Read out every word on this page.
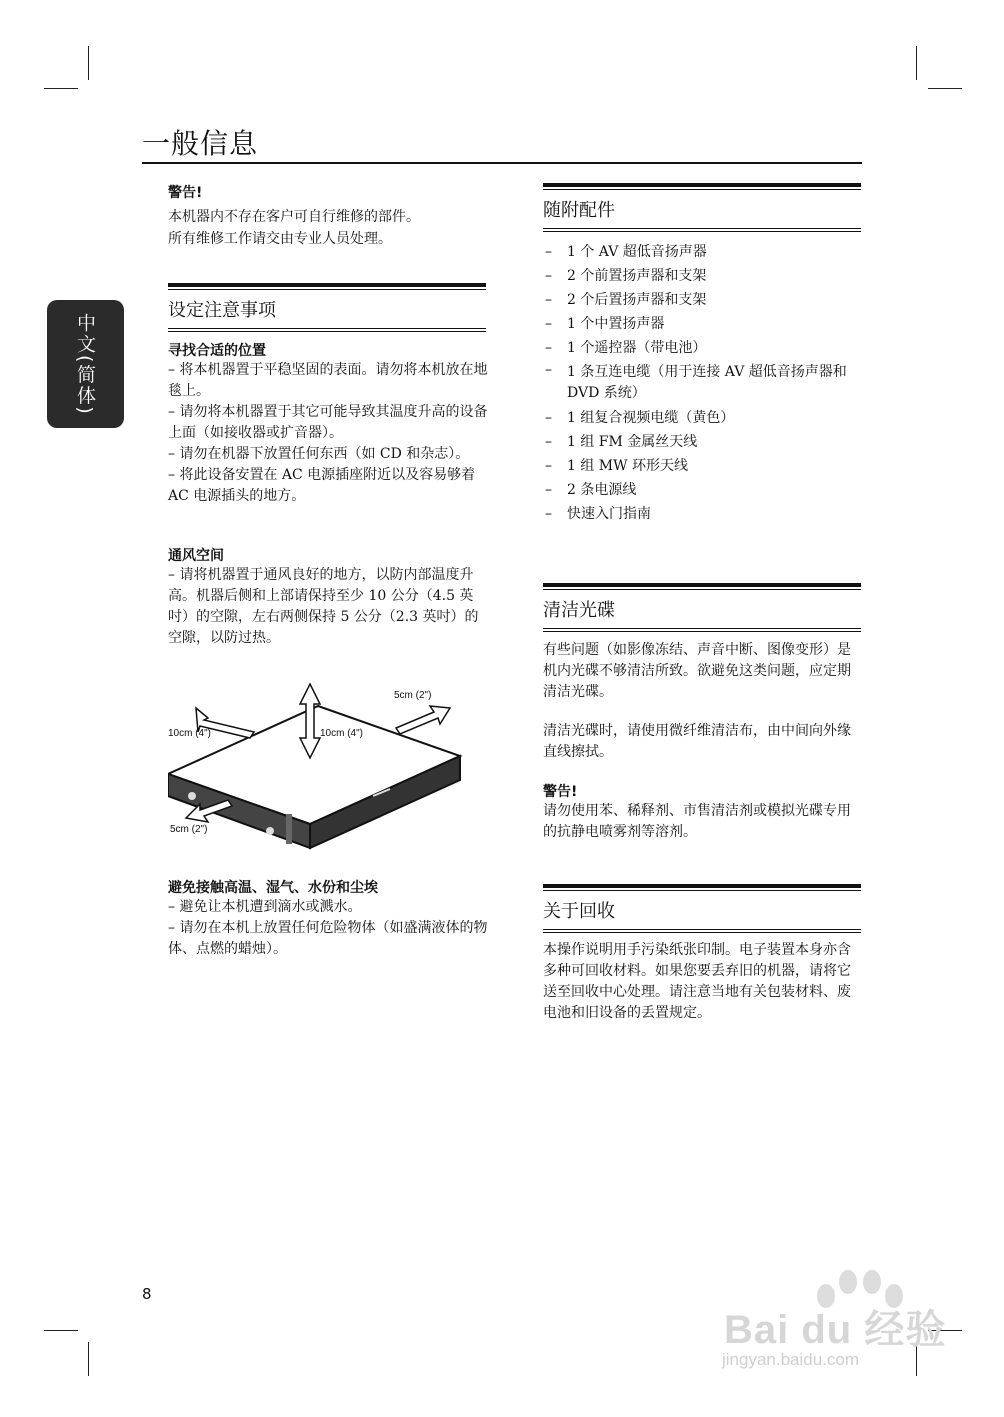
一般信息
中文(简体)
警告!
本机器内不存在客户可自行维修的部件。
所有维修工作请交由专业人员处理。
设定注意事项
寻找合适的位置
– 将本机器置于平稳坚固的表面。请勿将本机放在地毯上。
– 请勿将本机器置于其它可能导致其温度升高的设备上面（如接收器或扩音器）。
– 请勿在机器下放置任何东西（如 CD 和杂志）。
– 将此设备安置在 AC 电源插座附近以及容易够着 AC 电源插头的地方。
通风空间
– 请将机器置于通风良好的地方，以防内部温度升高。机器后侧和上部请保持至少 10 公分（4.5 英吋）的空隙，左右两侧保持 5 公分（2.3 英吋）的空隙，以防过热。
5cm (2")
10cm (4")	10cm (4")
5cm (2")
避免接触高温、湿气、水份和尘埃
– 避免让本机遭到滴水或溅水。
– 请勿在本机上放置任何危险物体（如盛满液体的物体、点燃的蜡烛）。
随附配件
– 1 个 AV 超低音扬声器
– 2 个前置扬声器和支架
– 2 个后置扬声器和支架
– 1 个中置扬声器
– 1 个遥控器（带电池）
– 1 条互连电缆（用于连接 AV 超低音扬声器和DVD 系统）
– 1 组复合视频电缆（黄色）
– 1 组 FM 金属丝天线
– 1 组 MW 环形天线
– 2 条电源线
– 快速入门指南
清洁光碟
有些问题（如影像冻结、声音中断、图像变形）是机内光碟不够清洁所致。欲避免这类问题，应定期清洁光碟。
清洁光碟时，请使用微纤维清洁布，由中间向外缘直线擦拭。
警告!
请勿使用苯、稀释剂、市售清洁剂或模拟光碟专用的抗静电喷雾剂等溶剂。
关于回收
本操作说明用手污染纸张印制。电子装置本身亦含多种可回收材料。如果您要丢弃旧的机器，请将它送至回收中心处理。请注意当地有关包装材料、废电池和旧设备的丢置规定。
8
Bai du 经验
jingyan.baidu.com
